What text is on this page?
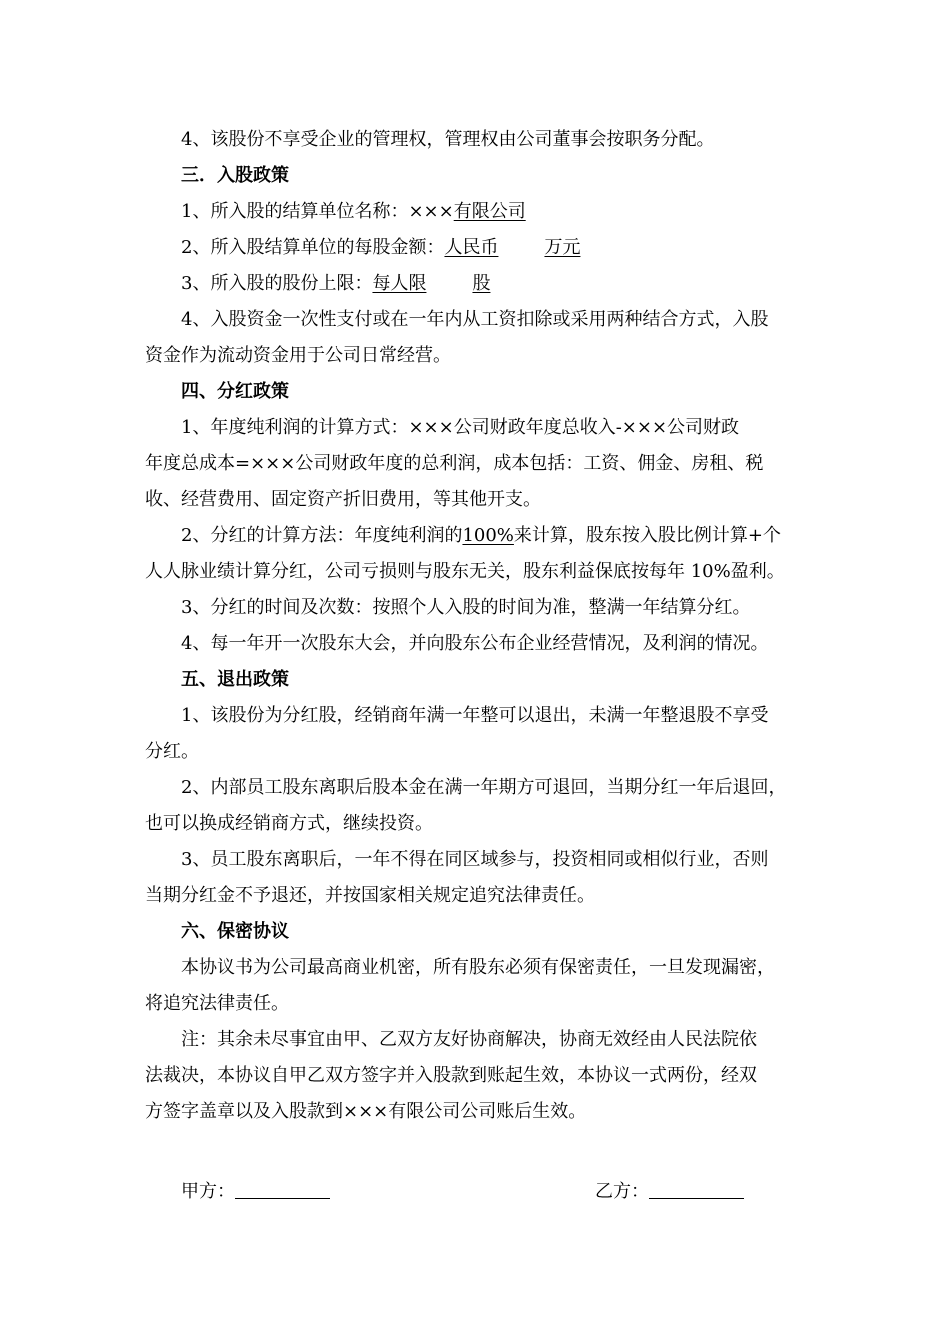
4、该股份不享受企业的管理权，管理权由公司董事会按职务分配。
三．入股政策
1、所入股的结算单位名称：×××有限公司
2、所入股结算单位的每股金额：人民币	万元
3、所入股的股份上限：每人限	股
4、入股资金一次性支付或在一年内从工资扣除或采用两种结合方式，入股
资金作为流动资金用于公司日常经营。
四、分红政策
1、年度纯利润的计算方式：×××公司财政年度总收入-×××公司财政
年度总成本=×××公司财政年度的总利润，成本包括：工资、佣金、房租、税
收、经营费用、固定资产折旧费用，等其他开支。
2、分红的计算方法：年度纯利润的100%来计算，股东按入股比例计算+个
人人脉业绩计算分红，公司亏损则与股东无关，股东利益保底按每年 10%盈利。
3、分红的时间及次数：按照个人入股的时间为准，整满一年结算分红。
4、每一年开一次股东大会，并向股东公布企业经营情况，及利润的情况。
五、退出政策
1、该股份为分红股，经销商年满一年整可以退出，未满一年整退股不享受
分红。
2、内部员工股东离职后股本金在满一年期方可退回，当期分红一年后退回，
也可以换成经销商方式，继续投资。
3、员工股东离职后，一年不得在同区域参与，投资相同或相似行业，否则
当期分红金不予退还，并按国家相关规定追究法律责任。
六、保密协议
本协议书为公司最高商业机密，所有股东必须有保密责任，一旦发现漏密，
将追究法律责任。
注：其余未尽事宜由甲、乙双方友好协商解决，协商无效经由人民法院依
法裁决，本协议自甲乙双方签字并入股款到账起生效，本协议一式两份，经双
方签字盖章以及入股款到×××有限公司公司账后生效。
甲方：	乙方：
